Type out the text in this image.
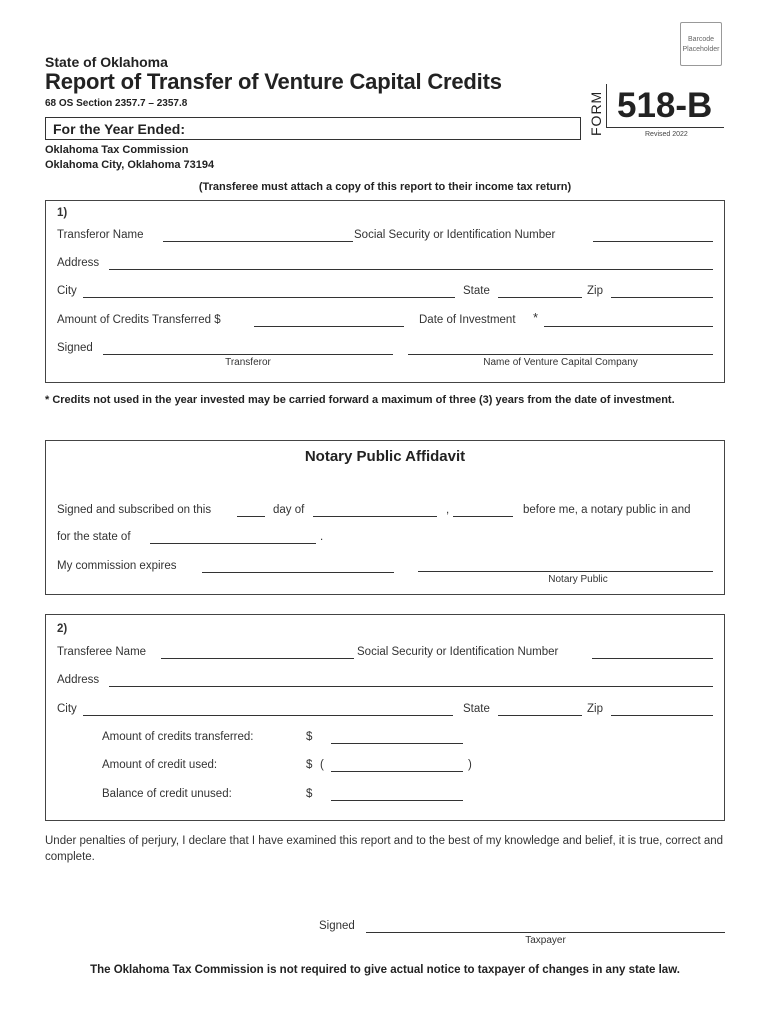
Barcode
Placeholder
State of Oklahoma
Report of Transfer of Venture Capital Credits
68 OS Section 2357.7 – 2357.8
For the Year Ended:	FORM 518-B
Revised 2022
Oklahoma Tax Commission
Oklahoma City, Oklahoma 73194
(Transferee must attach a copy of this report to their income tax return)
1)
Transferor Name	Social Security or Identification Number
Address
City	State	Zip
Amount of Credits Transferred $	Date of Investment *
Signed
Transferor	Name of Venture Capital Company
* Credits not used in the year invested may be carried forward a maximum of three (3) years from the date of investment.
Notary Public Affidavit
Signed and subscribed on this	day of	,	before me, a notary public in and
for the state of	.
My commission expires
Notary Public
2)
Transferee Name	Social Security or Identification Number
Address
City	State	Zip
Amount of credits transferred:	$
Amount of credit used:	$ (	)
Balance of credit unused:	$
Under penalties of perjury, I declare that I have examined this report and to the best of my knowledge and belief, it is true, correct and complete.
Signed
Taxpayer
The Oklahoma Tax Commission is not required to give actual notice to taxpayer of changes in any state law.
